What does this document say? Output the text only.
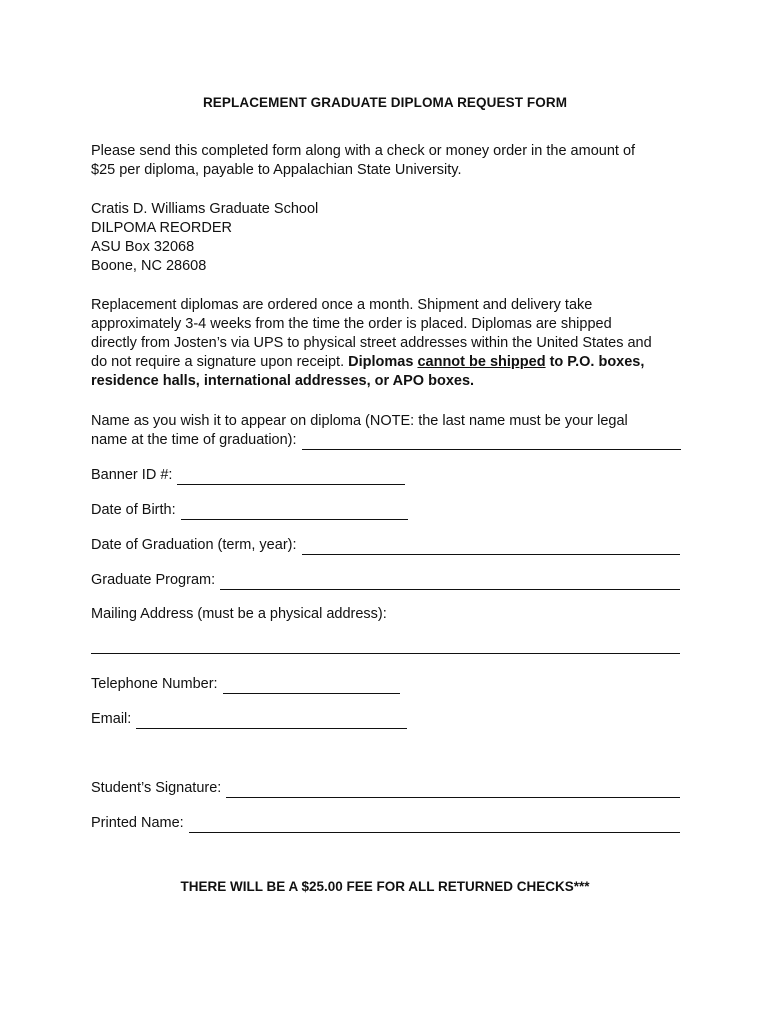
REPLACEMENT GRADUATE DIPLOMA REQUEST FORM
Please send this completed form along with a check or money order in the amount of
$25 per diploma, payable to Appalachian State University.
Cratis D. Williams Graduate School
DILPOMA REORDER
ASU Box 32068
Boone, NC 28608
Replacement diplomas are ordered once a month. Shipment and delivery take
approximately 3-4 weeks from the time the order is placed. Diplomas are shipped
directly from Josten’s via UPS to physical street addresses within the United States and
do not require a signature upon receipt. Diplomas cannot be shipped to P.O. boxes,
residence halls, international addresses, or APO boxes.
Name as you wish it to appear on diploma (NOTE: the last name must be your legal
name at the time of graduation):
Banner ID #:
Date of Birth:
Date of Graduation (term, year):
Graduate Program:
Mailing Address (must be a physical address):
Telephone Number:
Email:
Student’s Signature:
Printed Name:
THERE WILL BE A $25.00 FEE FOR ALL RETURNED CHECKS***
